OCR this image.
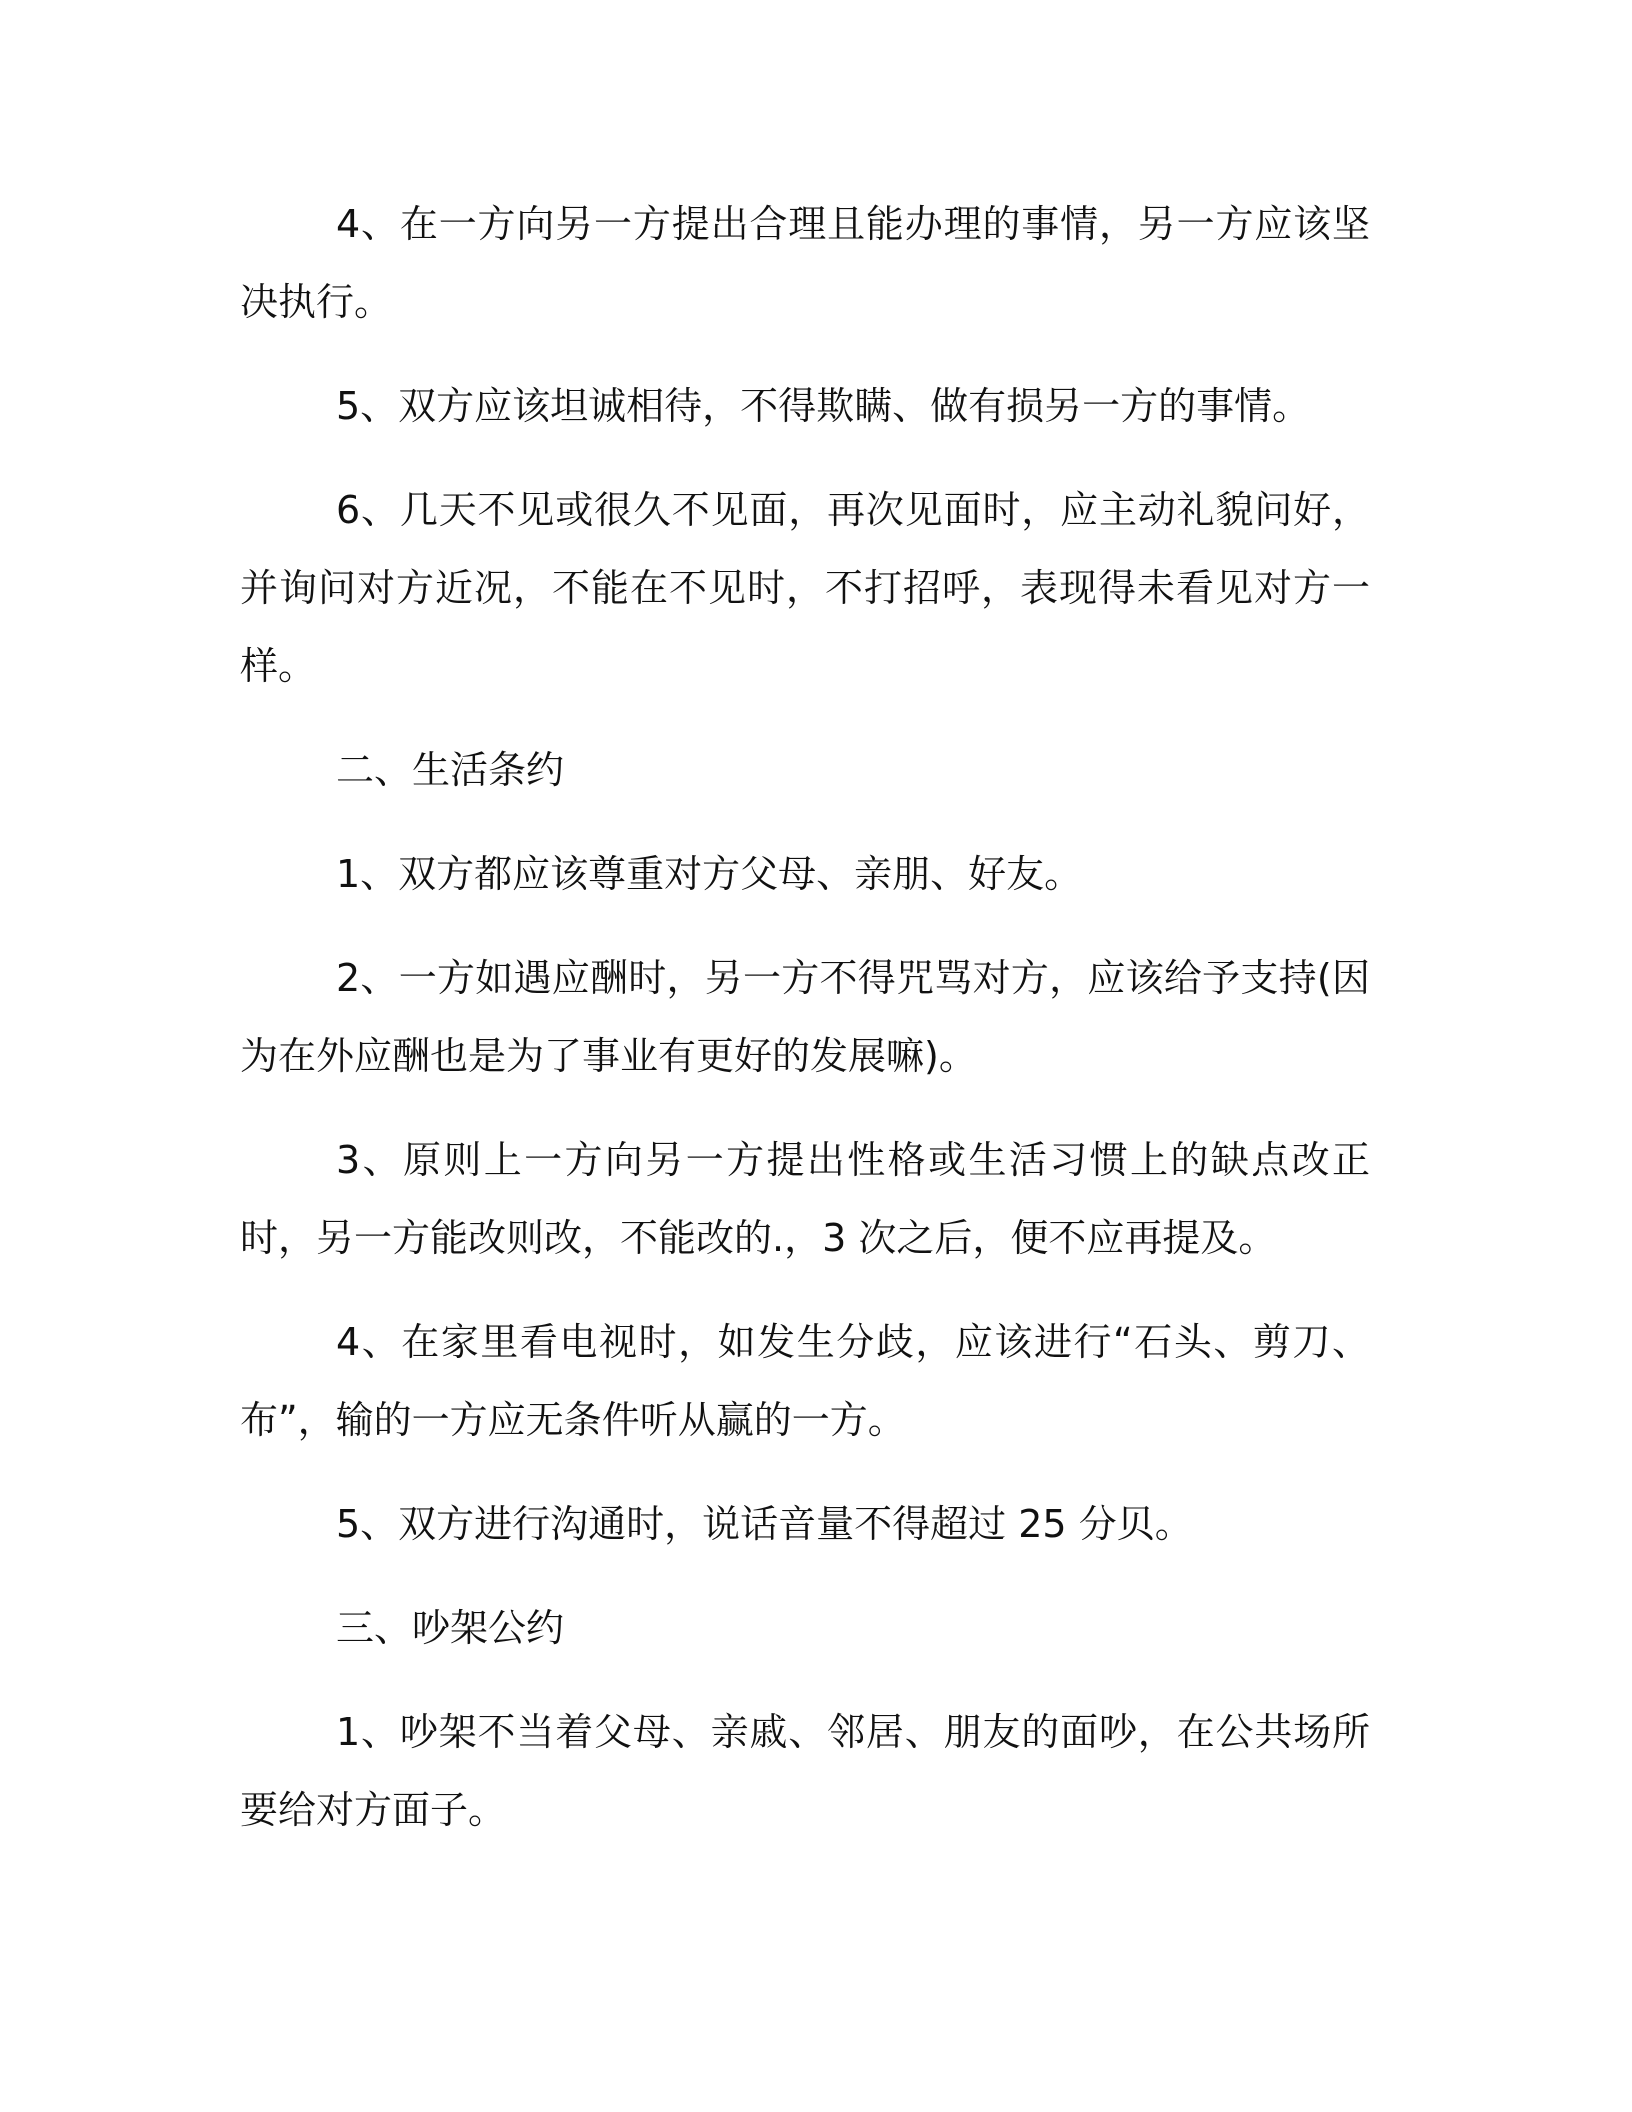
4、在一方向另一方提出合理且能办理的事情，另一方应该坚决执行。

5、双方应该坦诚相待，不得欺瞒、做有损另一方的事情。

6、几天不见或很久不见面，再次见面时，应主动礼貌问好，并询问对方近况，不能在不见时，不打招呼，表现得未看见对方一样。

二、生活条约

1、双方都应该尊重对方父母、亲朋、好友。

2、一方如遇应酬时，另一方不得咒骂对方，应该给予支持(因为在外应酬也是为了事业有更好的发展嘛)。

3、原则上一方向另一方提出性格或生活习惯上的缺点改正时，另一方能改则改，不能改的.，3 次之后，便不应再提及。

4、在家里看电视时，如发生分歧，应该进行“石头、剪刀、布”，输的一方应无条件听从赢的一方。

5、双方进行沟通时，说话音量不得超过 25 分贝。

三、吵架公约

1、吵架不当着父母、亲戚、邻居、朋友的面吵，在公共场所要给对方面子。
